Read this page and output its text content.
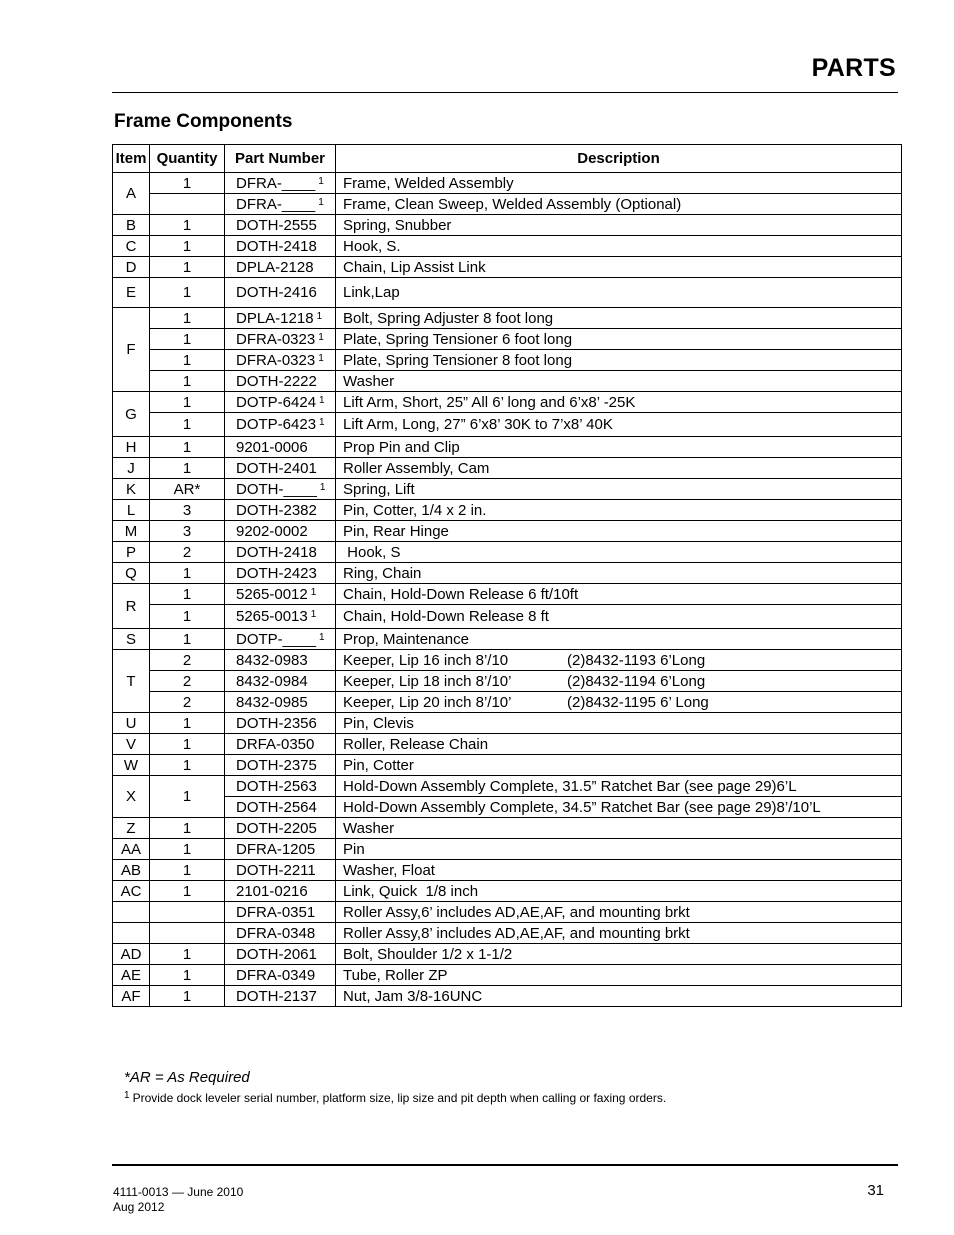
PARTS
Frame Components
Item	Quantity	Part Number	Description
A	1	DFRA-____ $^1$	Frame, Welded Assembly
		DFRA-____ $^1$	Frame, Clean Sweep, Welded Assembly (Optional)
B	1	DOTH-2555	Spring, Snubber
C	1	DOTH-2418	Hook, S.
D	1	DPLA-2128	Chain, Lip Assist Link
E	1	DOTH-2416	Link,Lap
F	1	DPLA-1218 $^1$	Bolt, Spring Adjuster 8 foot long
	1	DFRA-0323 $^1$	Plate, Spring Tensioner 6 foot long
	1	DFRA-0323 $^1$	Plate, Spring Tensioner 8 foot long
	1	DOTH-2222	Washer
G	1	DOTP-6424 $^1$	Lift Arm, Short, 25” All 6’ long and 6’x8’ -25K
	1	DOTP-6423 $^1$	Lift Arm, Long, 27” 6’x8’ 30K to 7’x8’ 40K
H	1	9201-0006	Prop Pin and Clip
J	1	DOTH-2401	Roller Assembly, Cam
K	AR*	DOTH-____ $^1$	Spring, Lift
L	3	DOTH-2382	Pin, Cotter, 1/4 x 2 in.
M	3	9202-0002	Pin, Rear Hinge
P	2	DOTH-2418	Hook, S
Q	1	DOTH-2423	Ring, Chain
R	1	5265-0012 $^1$	Chain, Hold-Down Release 6 ft/10ft
	1	5265-0013 $^1$	Chain, Hold-Down Release 8 ft
S	1	DOTP-____ $^1$	Prop, Maintenance
T	2	8432-0983	Keeper, Lip 16 inch 8’/10 (2)8432-1193 6’Long
	2	8432-0984	Keeper, Lip 18 inch 8’/10’ (2)8432-1194 6’Long
	2	8432-0985	Keeper, Lip 20 inch 8’/10’ (2)8432-1195 6’ Long
U	1	DOTH-2356	Pin, Clevis
V	1	DRFA-0350	Roller, Release Chain
W	1	DOTH-2375	Pin, Cotter
X	1	DOTH-2563	Hold-Down Assembly Complete, 31.5” Ratchet Bar (see page 29)6’L
		DOTH-2564	Hold-Down Assembly Complete, 34.5” Ratchet Bar (see page 29)8’/10’L
Z	1	DOTH-2205	Washer
AA	1	DFRA-1205	Pin
AB	1	DOTH-2211	Washer, Float
AC	1	2101-0216	Link, Quick  1/8 inch
		DFRA-0351	Roller Assy,6’ includes AD,AE,AF, and mounting brkt
		DFRA-0348	Roller Assy,8’ includes AD,AE,AF, and mounting brkt
AD	1	DOTH-2061	Bolt, Shoulder 1/2 x 1-1/2
AE	1	DFRA-0349	Tube, Roller ZP
AF	1	DOTH-2137	Nut, Jam 3/8-16UNC
*AR = As Required
$^1$ Provide dock leveler serial number, platform size, lip size and pit depth when calling or faxing orders.
4111-0013 — June 2010
Aug 2012
31
